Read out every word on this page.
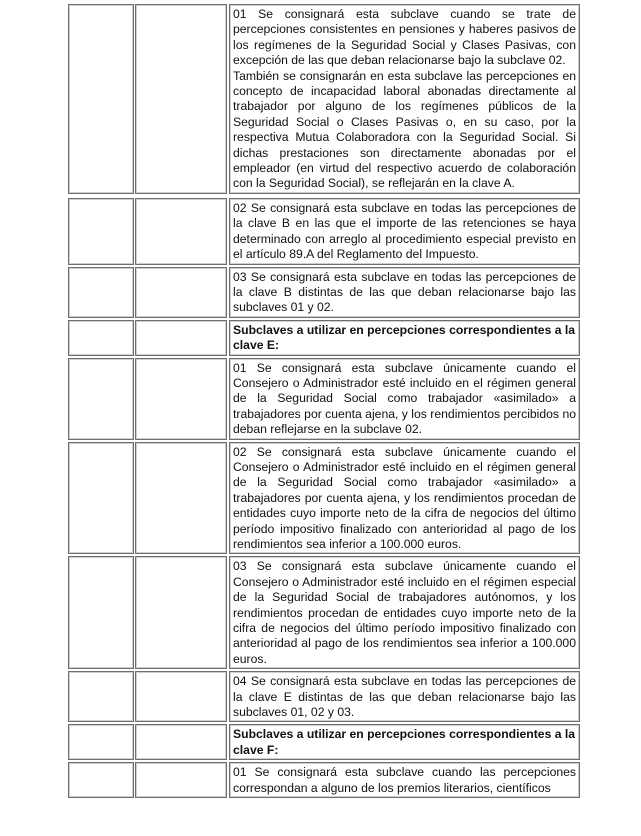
01 Se consignará esta subclave cuando se trate de percepciones consistentes en pensiones y haberes pasivos de los regímenes de la Seguridad Social y Clases Pasivas, con excepción de las que deban relacionarse bajo la subclave 02.

También se consignarán en esta subclave las percepciones en concepto de incapacidad laboral abonadas directamente al trabajador por alguno de los regímenes públicos de la Seguridad Social o Clases Pasivas o, en su caso, por la respectiva Mutua Colaboradora con la Seguridad Social. Si dichas prestaciones son directamente abonadas por el empleador (en virtud del respectivo acuerdo de colaboración con la Seguridad Social), se reflejarán en la clave A.

02 Se consignará esta subclave en todas las percepciones de la clave B en las que el importe de las retenciones se haya determinado con arreglo al procedimiento especial previsto en el artículo 89.A del Reglamento del Impuesto.

03 Se consignará esta subclave en todas las percepciones de la clave B distintas de las que deban relacionarse bajo las subclaves 01 y 02.

Subclaves a utilizar en percepciones correspondientes a la clave E:

01 Se consignará esta subclave únicamente cuando el Consejero o Administrador esté incluido en el régimen general de la Seguridad Social como trabajador «asimilado» a trabajadores por cuenta ajena, y los rendimientos percibidos no deban reflejarse en la subclave 02.

02 Se consignará esta subclave únicamente cuando el Consejero o Administrador esté incluido en el régimen general de la Seguridad Social como trabajador «asimilado» a trabajadores por cuenta ajena, y los rendimientos procedan de entidades cuyo importe neto de la cifra de negocios del último período impositivo finalizado con anterioridad al pago de los rendimientos sea inferior a 100.000 euros.

03 Se consignará esta subclave únicamente cuando el Consejero o Administrador esté incluido en el régimen especial de la Seguridad Social de trabajadores autónomos, y los rendimientos procedan de entidades cuyo importe neto de la cifra de negocios del último período impositivo finalizado con anterioridad al pago de los rendimientos sea inferior a 100.000 euros.

04 Se consignará esta subclave en todas las percepciones de la clave E distintas de las que deban relacionarse bajo las subclaves 01, 02 y 03.

Subclaves a utilizar en percepciones correspondientes a la clave F:

01 Se consignará esta subclave cuando las percepciones correspondan a alguno de los premios literarios, científicos
